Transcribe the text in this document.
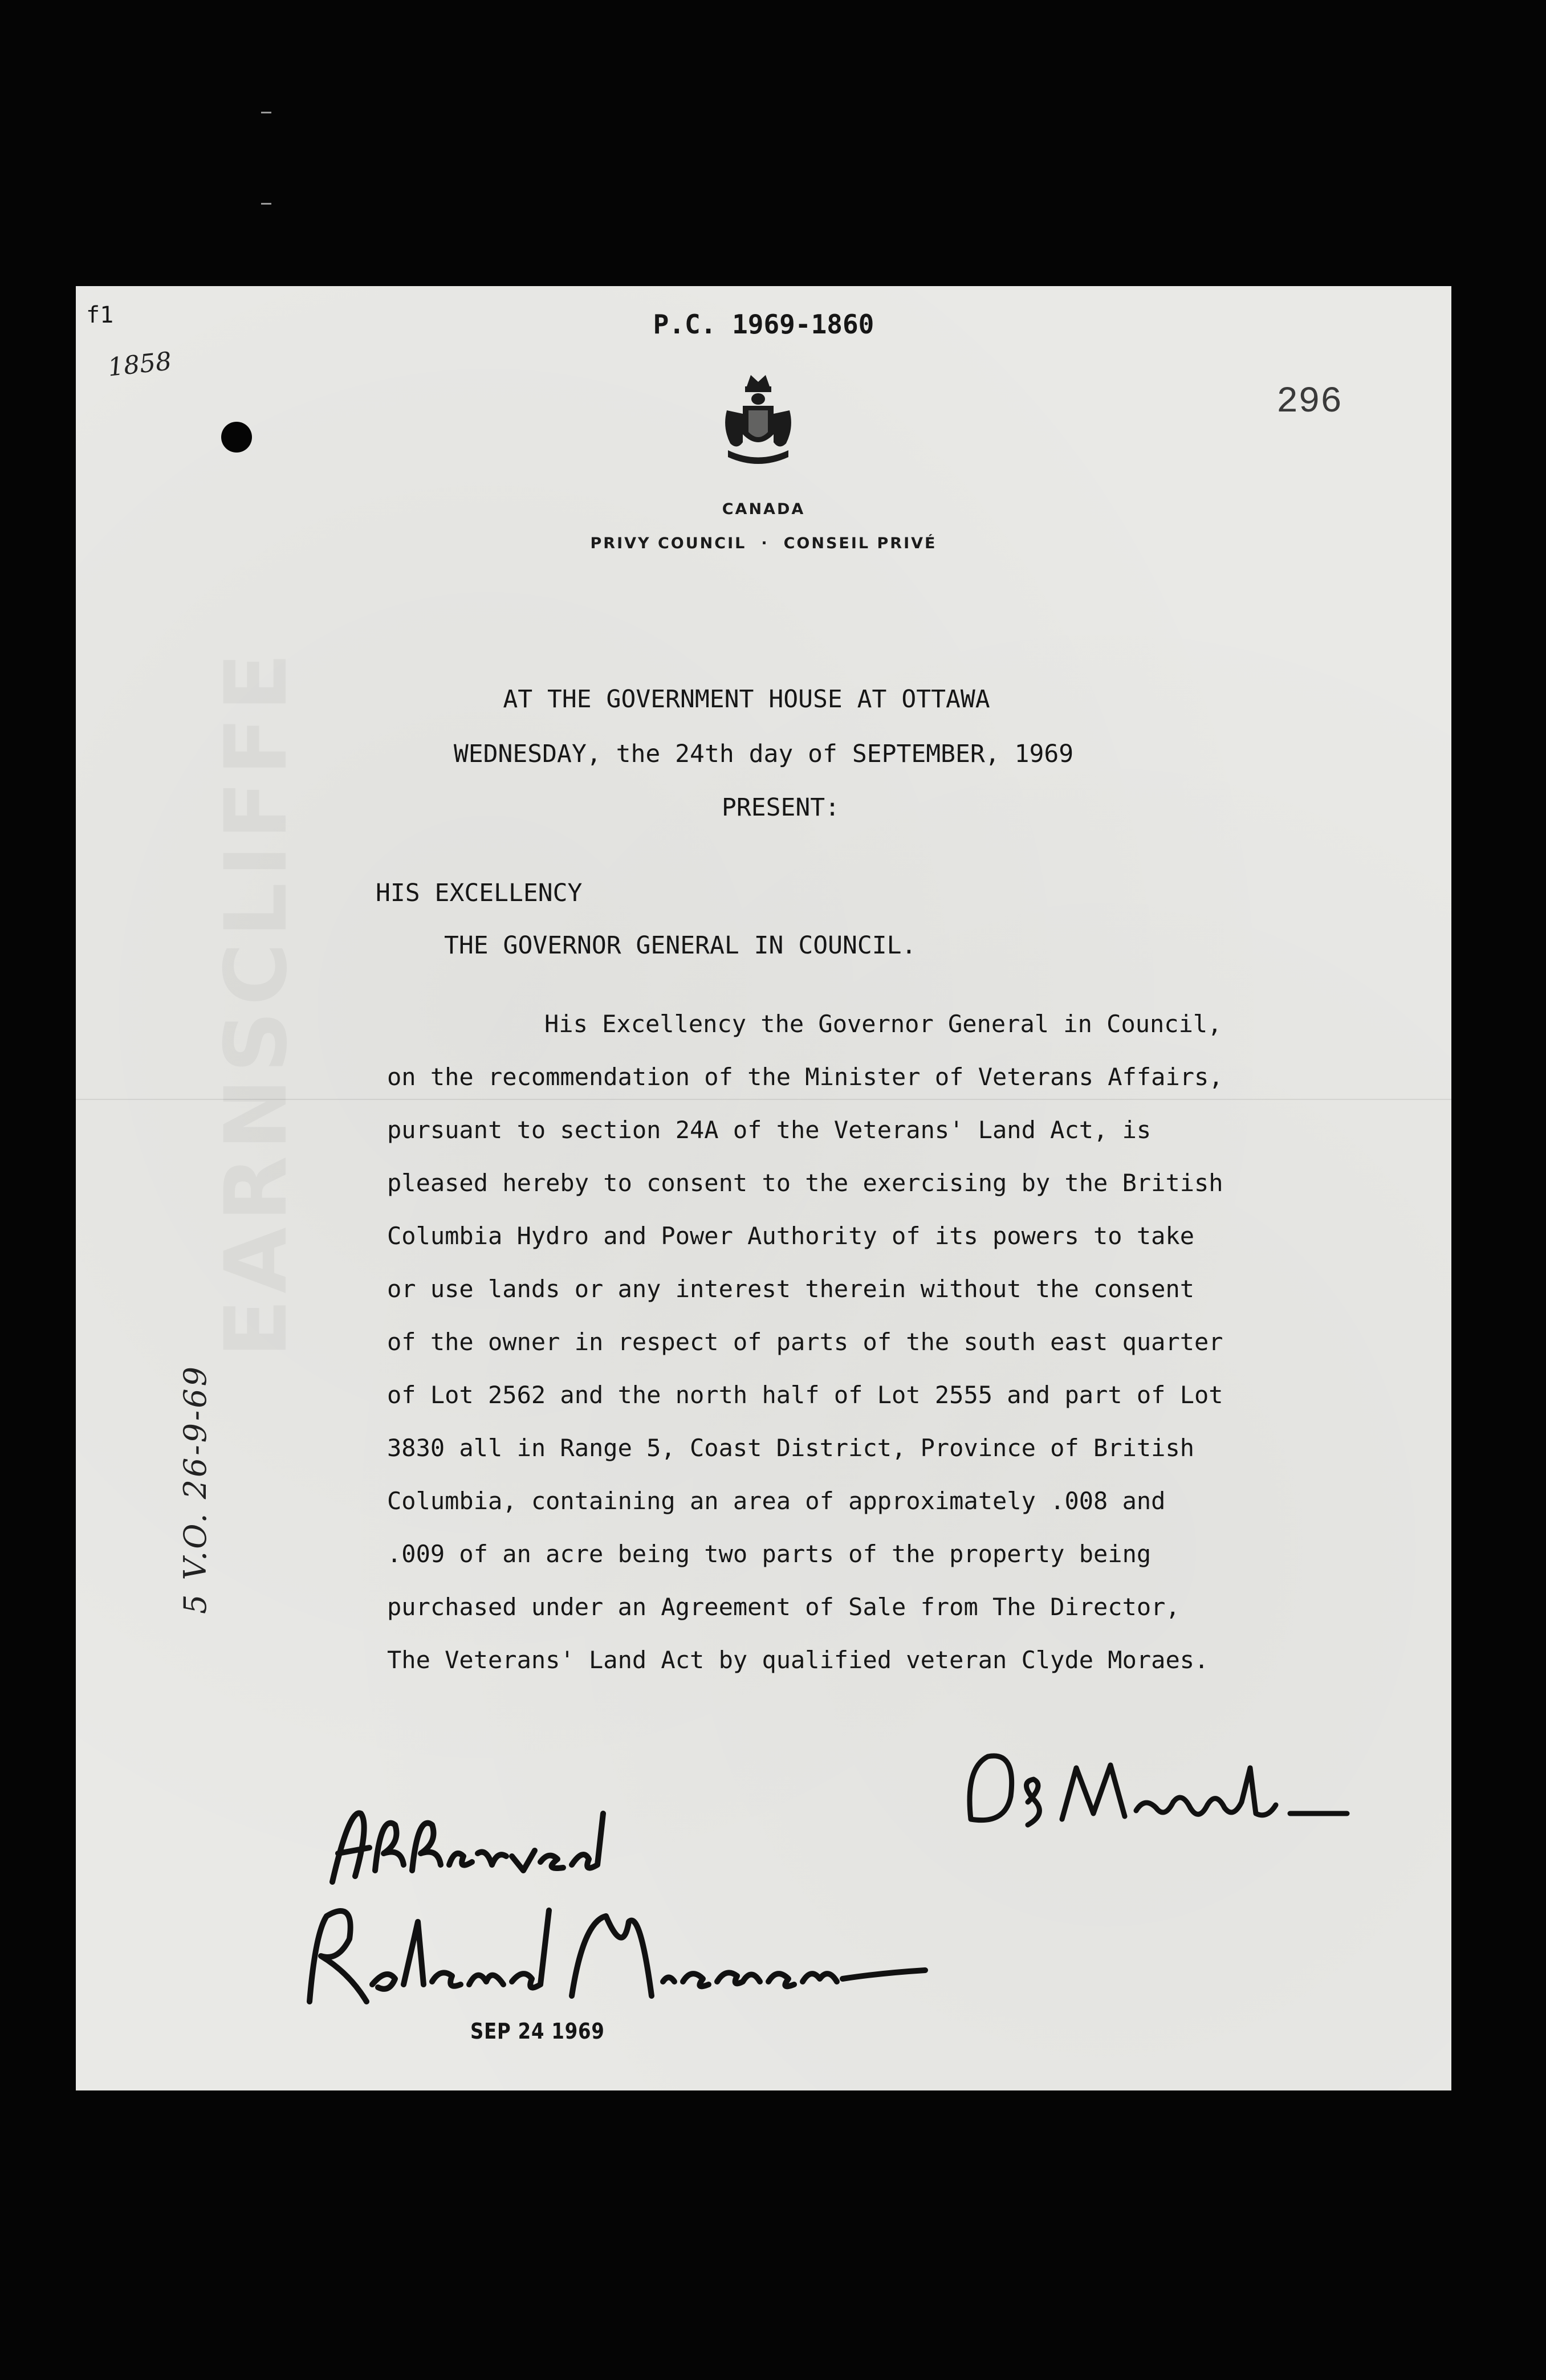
f1
1858
P.C. 1969-1860
296
CANADA
PRIVY COUNCIL · CONSEIL PRIVÉ
AT THE GOVERNMENT HOUSE AT OTTAWA
WEDNESDAY, the 24th day of SEPTEMBER, 1969
PRESENT:
HIS EXCELLENCY
THE GOVERNOR GENERAL IN COUNCIL.
His Excellency the Governor General in Council,
on the recommendation of the Minister of Veterans Affairs,
pursuant to section 24A of the Veterans' Land Act, is
pleased hereby to consent to the exercising by the British
Columbia Hydro and Power Authority of its powers to take
or use lands or any interest therein without the consent
of the owner in respect of parts of the south east quarter
of Lot 2562 and the north half of Lot 2555 and part of Lot
3830 all in Range 5, Coast District, Province of British
Columbia, containing an area of approximately .008 and
.009 of an acre being two parts of the property being
purchased under an Agreement of Sale from The Director,
The Veterans' Land Act by qualified veteran Clyde Moraes.
5 V.O. 26-9-69
SEP 24 1969
